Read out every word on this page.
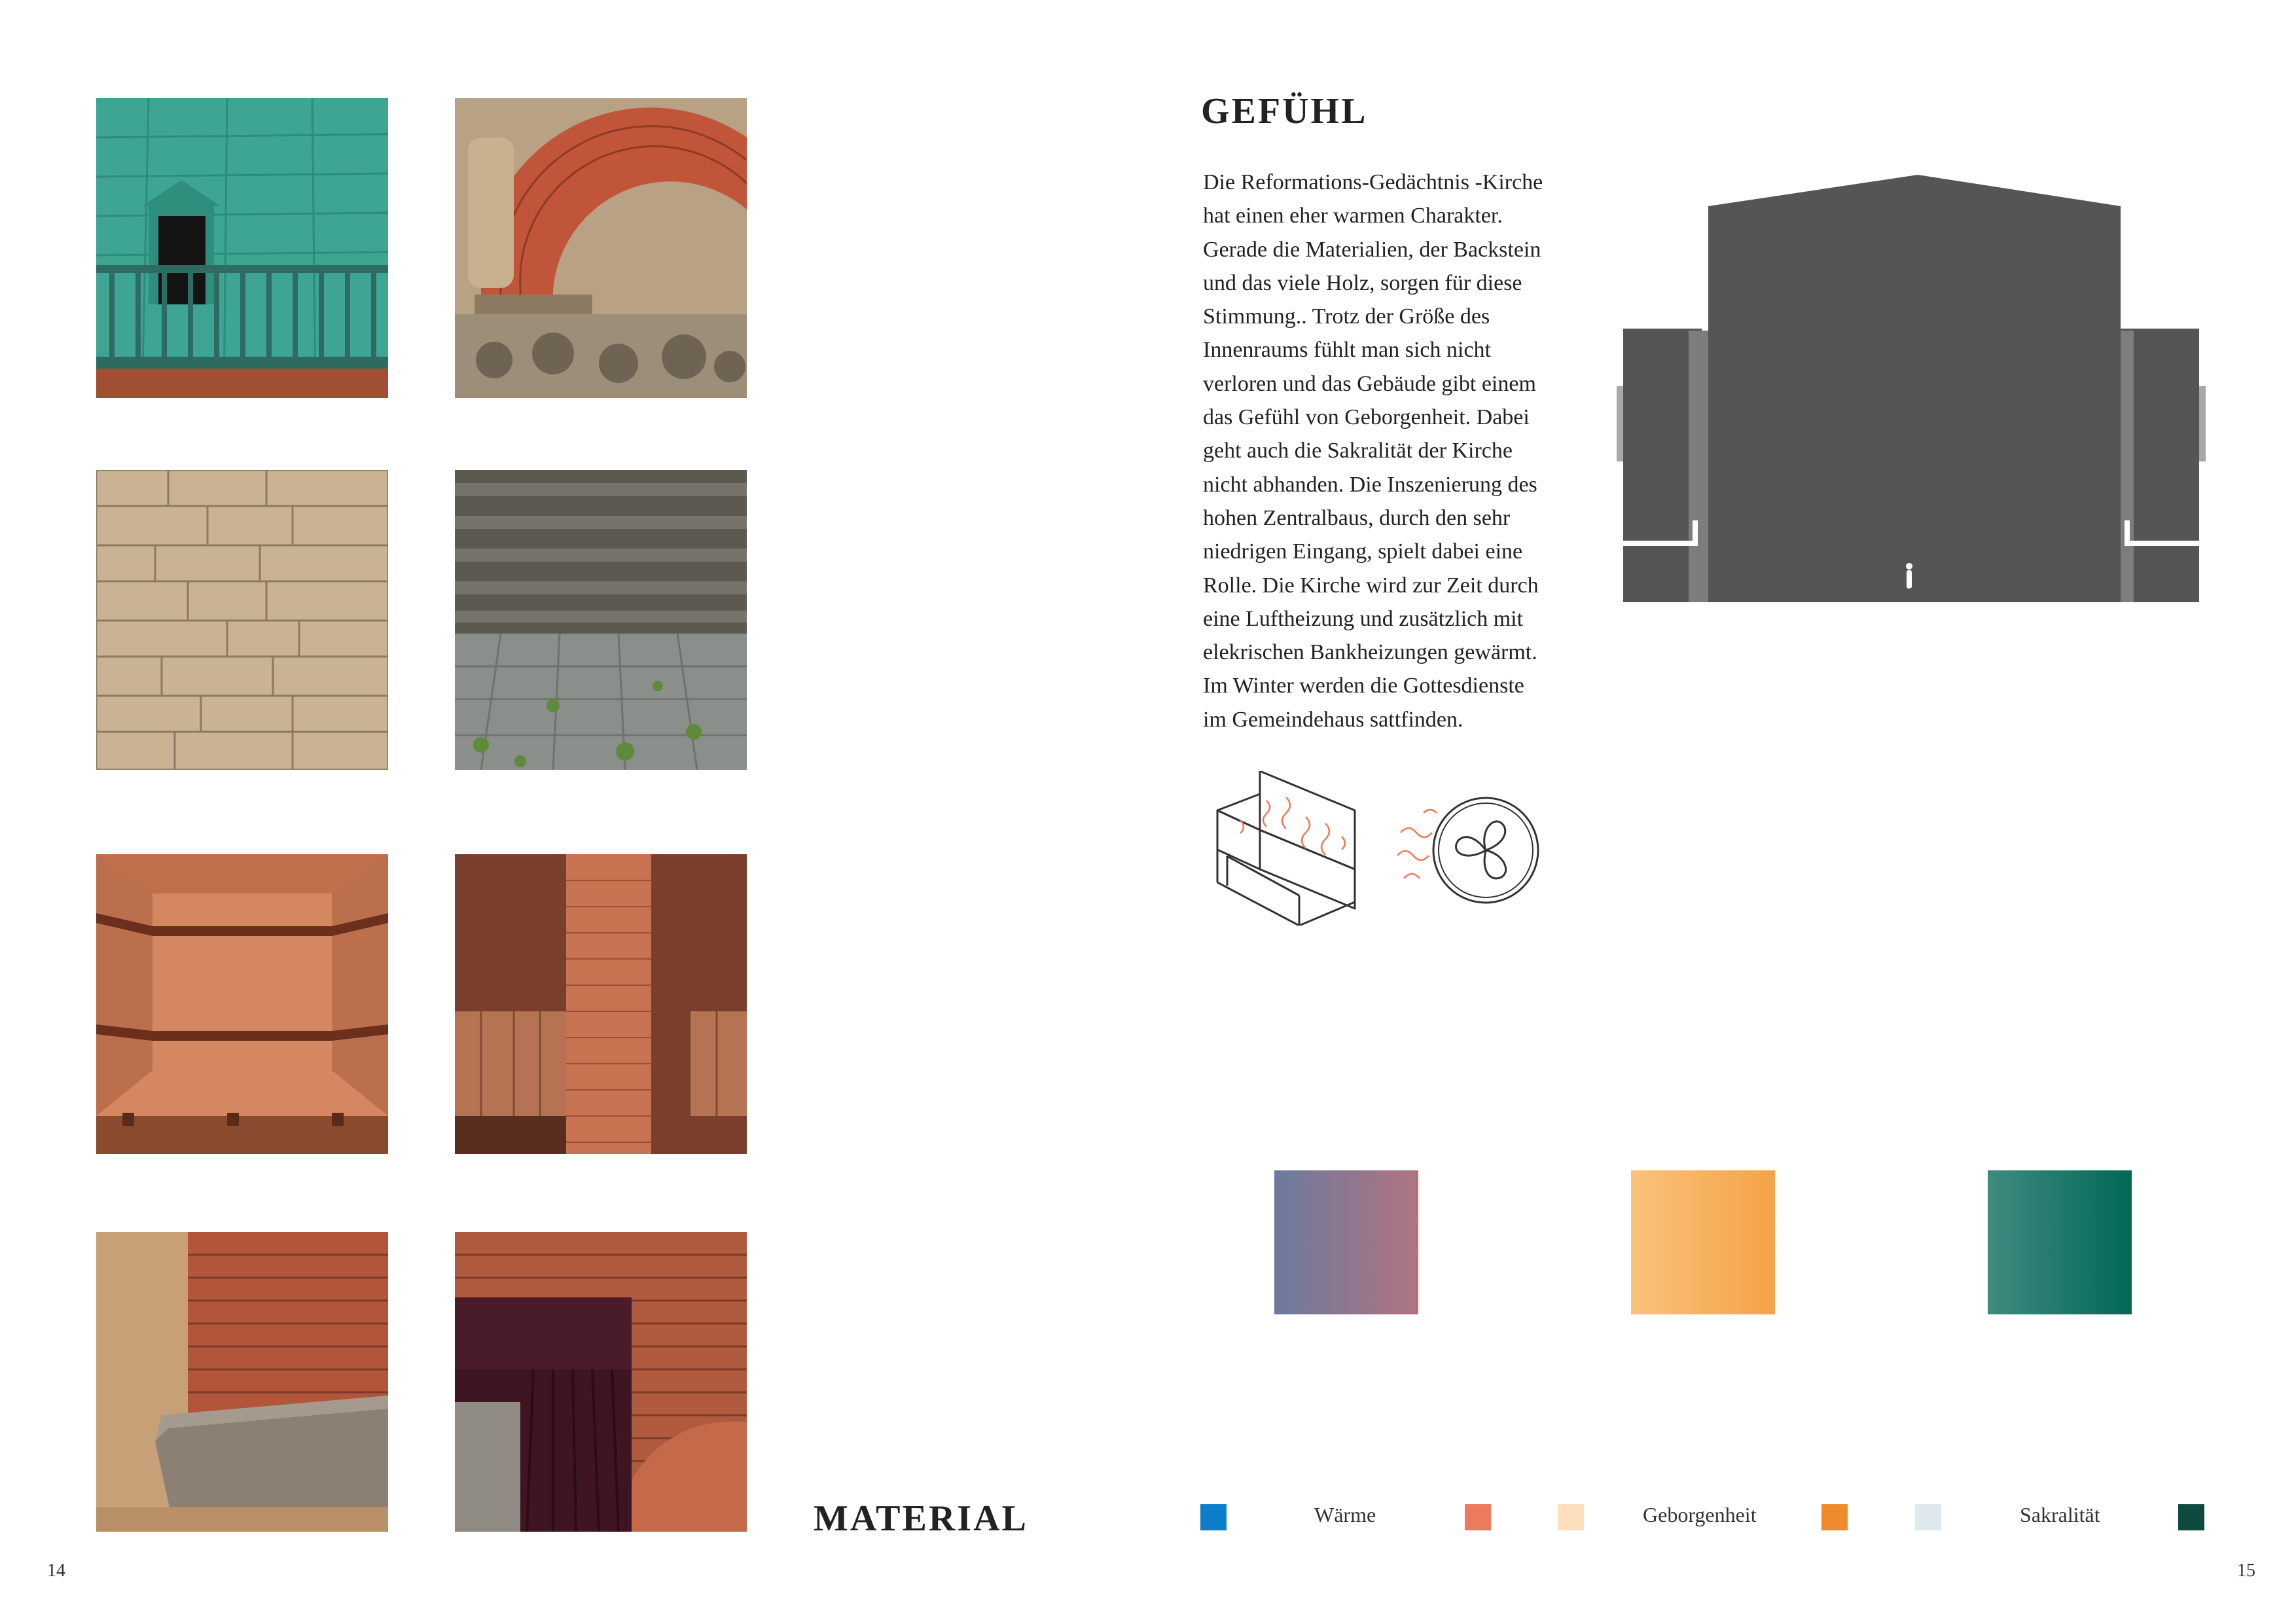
MATERIAL
14
GEFÜHL

Die Reformations-Gedächtnis -Kirche
hat einen eher warmen Charakter.
Gerade die Materialien, der Backstein
und das viele Holz, sorgen für diese
Stimmung.. Trotz der Größe des
Innenraums fühlt man sich nicht
verloren und das Gebäude gibt einem
das Gefühl von Geborgenheit. Dabei
geht auch die Sakralität der Kirche
nicht abhanden. Die Inszenierung des
hohen Zentralbaus, durch den sehr
niedrigen Eingang, spielt dabei eine
Rolle. Die Kirche wird zur Zeit durch
eine Luftheizung und zusätzlich mit
elekrischen Bankheizungen gewärmt.
Im Winter werden die Gottesdienste
im Gemeindehaus sattfinden.

Wärme	Geborgenheit	Sakralität
15
